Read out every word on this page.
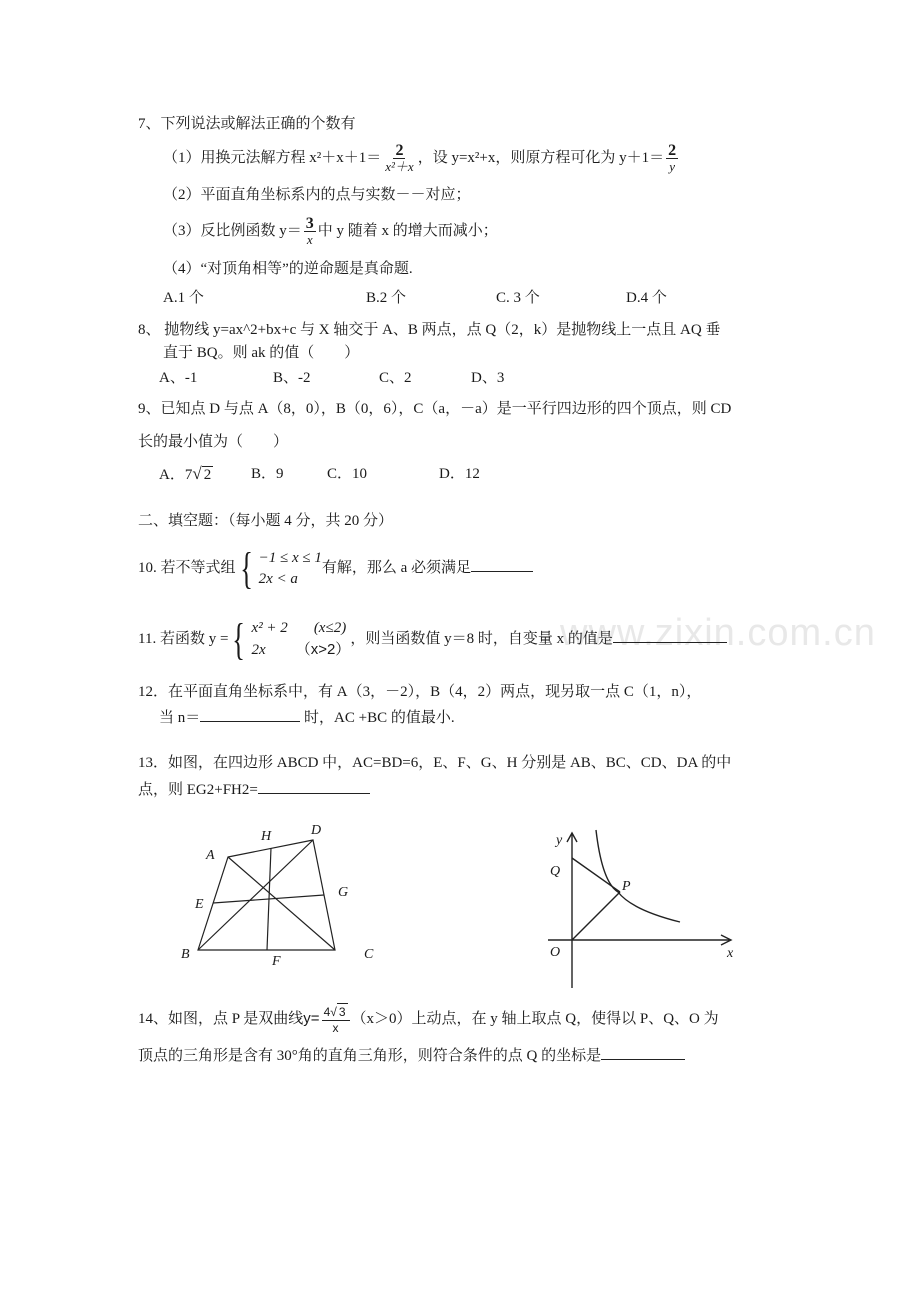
www.zixin.com.cn
7、下列说法或解法正确的个数有
（1）用换元法解方程 $x^2+x+1= \frac{2}{\text{x²＋x}}$ ，设 y=x²+x，则原方程可化为 $y+1= \frac{2}{y}$
（2）平面直角坐标系内的点与实数－－对应；
（3）反比例函数 $y= \frac{3}{x}$ 中 y 随着 x 的增大而减小；
（4）“对顶角相等”的逆命题是真命题.
A.1 个	B.2 个	C. 3 个	D.4 个
8、 抛物线 y=ax^2+bx+c 与 X 轴交于 A、B 两点，点 Q（2，k）是抛物线上一点且 AQ 垂
直于 BQ。则 ak 的值（　　）
A、-1	B、-2	C、2	D、3
9、已知点 D 与点 A（8，0），B（0，6），C（a，－a）是一平行四边形的四个顶点，则 CD
长的最小值为（　　）
A．7√ 2	B．9	C．10	D．12
二、填空题：（每小题 4 分，共 20 分）
10. 若不等式组 { −1 ≤ x ≤ 1
2x < a
有解，那么 a 必须满足
11. 若函数 y = { x² + 2 (x≤2)
2x （x>2）
，则当函数值 y＝8 时，自变量 x 的值是
12．在平面直角坐标系中，有 A（3，－2），B（4，2）两点，现另取一点 C（1，n），
当 n＝	时，AC +BC 的值最小.
13．如图，在四边形 ABCD 中，AC=BD=6，E、F、G、H 分别是 AB、BC、CD、DA 的中
点，则 EG2+FH2=
A
H	D
E
G
B	F	C
y
Q
P
O	x
14、如图，点 P 是双曲线$y= \frac{4√ 3}{x} (x>0)$上动点，在 y 轴上取点 Q，使得以 P、Q、O 为
顶点的三角形是含有 30°角的直角三角形，则符合条件的点 Q 的坐标是
